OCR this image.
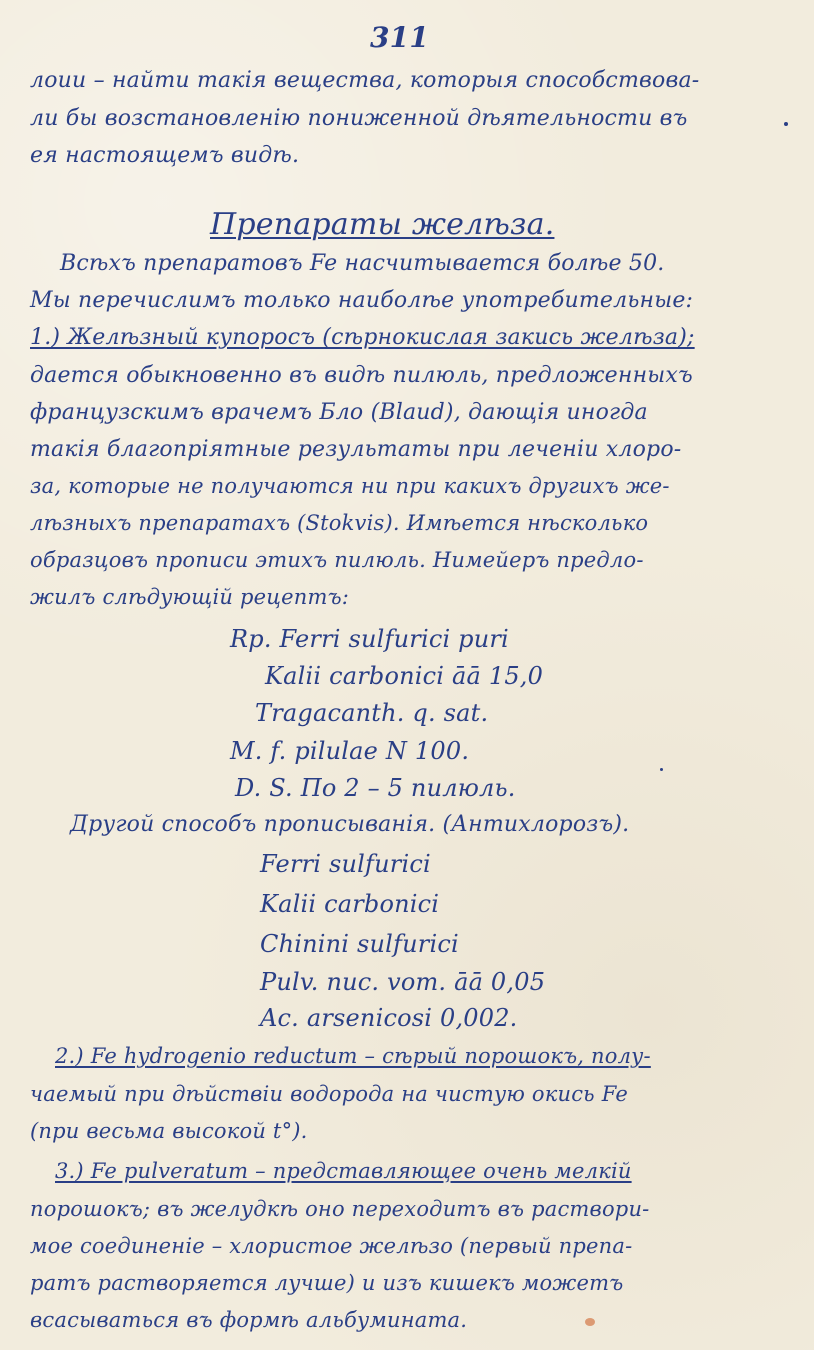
311
лоии – найти такія вещества, которыя способствова-
ли бы возстановленію пониженной дѣятельности въ
ея настоящемъ видѣ.
Препараты желѣза.
Всѣхъ препаратовъ Fe насчитывается болѣе 50.
Мы перечислимъ только наиболѣе употребительные:
1.) Желѣзный купоросъ (сѣрнокислая закись желѣза);
дается обыкновенно въ видѣ пилюль, предложенныхъ
французскимъ врачемъ Бло (Blaud), дающія иногда
такія благопріятные результаты при леченіи хлоро-
за, которые не получаются ни при какихъ другихъ же-
лѣзныхъ препаратахъ (Stokvis). Имѣется нѣсколько
образцовъ прописи этихъ пилюль. Нимейеръ предло-
жилъ слѣдующій рецептъ:
Rp. Ferri sulfurici puri
Kalii carbonici āā 15,0
Tragacanth. q. sat.
M. f. pilulae N 100.
D. S. По 2 – 5 пилюль.
Другой способъ прописыванія. (Антихлорозъ).
Ferri sulfurici
Kalii carbonici
Chinini sulfurici
Pulv. nuc. vom. āā 0,05
Ac. arsenicosi 0,002.
2.) Fe hydrogenio reductum – сѣрый порошокъ, полу-
чаемый при дѣйствіи водорода на чистую окись Fe
(при весьма высокой t°).
3.) Fe pulveratum – представляющее очень мелкій
порошокъ; въ желудкѣ оно переходитъ въ раствори-
мое соединеніе – хлористое желѣзо (первый препа-
ратъ растворяется лучше) и изъ кишекъ можетъ
всасываться въ формѣ альбумината.
